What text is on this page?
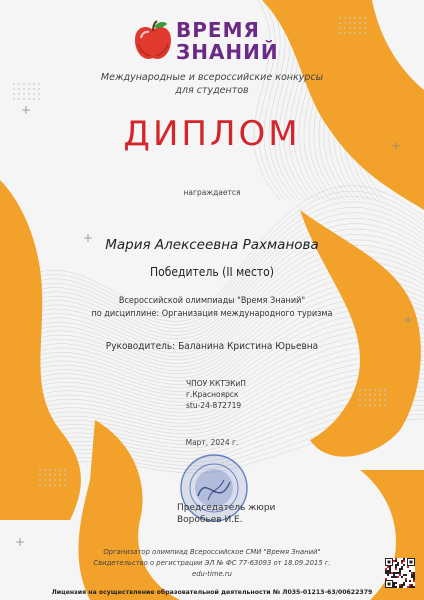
ВРЕМЯ
ЗНАНИЙ
Международные и всероссийские конкурсы
для студентов
ДИПЛОМ
награждается
Мария Алексеевна Рахманова
Победитель (II место)
Всероссийской олимпиады "Время Знаний"
по дисциплине: Организация международного туризма
Руководитель: Баланина Кристина Юрьевна
ЧПОУ ККТЭКиП
г.Красноярск
stu-24-872719
Март, 2024 г.
Председатель жюри
Воробьев И.Е.
Организатор олимпиад Всероссийское СМИ "Время Знаний"
Свидетельство о регистрации ЭЛ № ФС 77-63093 от 18.09.2015 г.
edu-time.ru
Лицензия на осуществление образовательной деятельности № Л035-01213-63/00622379
